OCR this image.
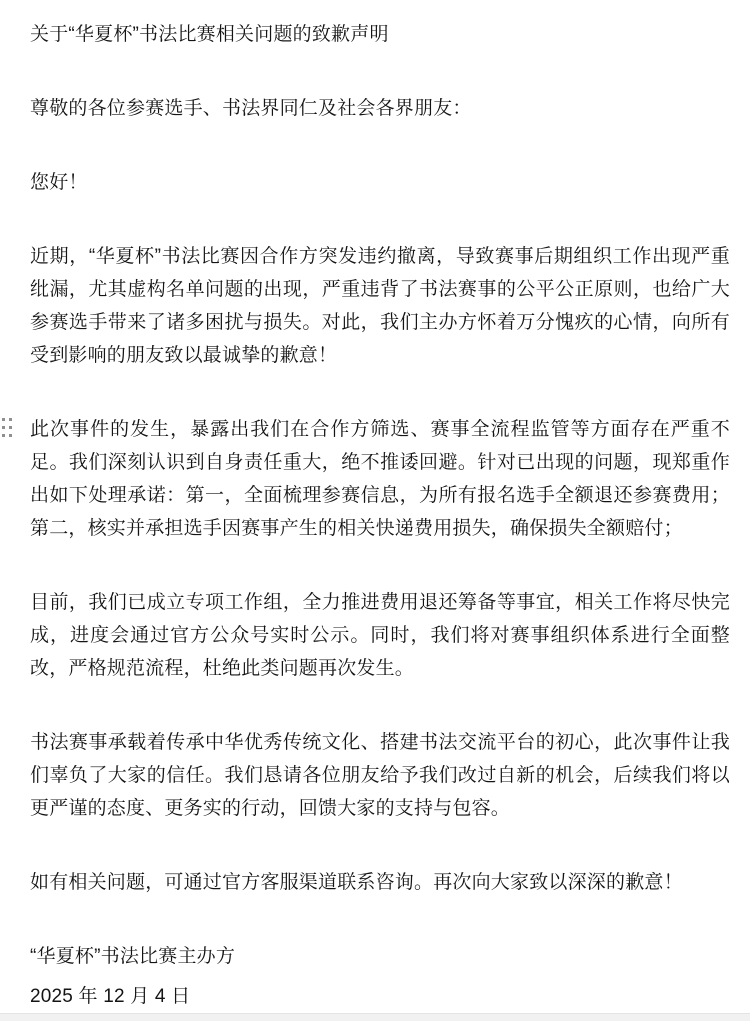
关于“华夏杯”书法比赛相关问题的致歉声明

尊敬的各位参赛选手、书法界同仁及社会各界朋友：

您好！

近期，“华夏杯”书法比赛因合作方突发违约撤离，导致赛事后期组织工作出现严重纰漏，尤其虚构名单问题的出现，严重违背了书法赛事的公平公正原则，也给广大参赛选手带来了诸多困扰与损失。对此，我们主办方怀着万分愧疚的心情，向所有受到影响的朋友致以最诚挚的歉意！

此次事件的发生，暴露出我们在合作方筛选、赛事全流程监管等方面存在严重不足。我们深刻认识到自身责任重大，绝不推诿回避。针对已出现的问题，现郑重作出如下处理承诺：第一，全面梳理参赛信息，为所有报名选手全额退还参赛费用；第二，核实并承担选手因赛事产生的相关快递费用损失，确保损失全额赔付；

目前，我们已成立专项工作组，全力推进费用退还筹备等事宜，相关工作将尽快完成，进度会通过官方公众号实时公示。同时，我们将对赛事组织体系进行全面整改，严格规范流程，杜绝此类问题再次发生。

书法赛事承载着传承中华优秀传统文化、搭建书法交流平台的初心，此次事件让我们辜负了大家的信任。我们恳请各位朋友给予我们改过自新的机会，后续我们将以更严谨的态度、更务实的行动，回馈大家的支持与包容。

如有相关问题，可通过官方客服渠道联系咨询。再次向大家致以深深的歉意！

“华夏杯”书法比赛主办方

2025 年 12 月 4 日
